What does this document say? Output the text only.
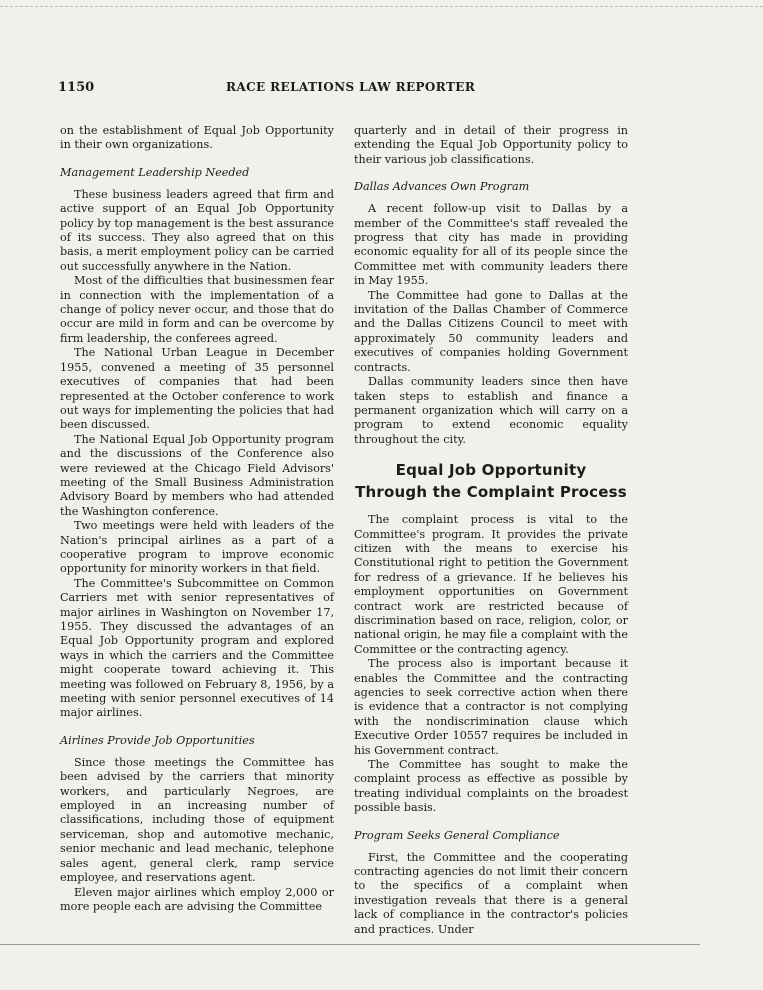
1150	RACE RELATIONS LAW REPORTER

on the establishment of Equal Job Opportunity in their own organizations.

Management Leadership Needed

These business leaders agreed that firm and active support of an Equal Job Opportunity policy by top management is the best assurance of its success. They also agreed that on this basis, a merit employment policy can be carried out successfully anywhere in the Nation.

Most of the difficulties that businessmen fear in connection with the implementation of a change of policy never occur, and those that do occur are mild in form and can be overcome by firm leadership, the conferees agreed.

The National Urban League in December 1955, convened a meeting of 35 personnel executives of companies that had been represented at the October conference to work out ways for implementing the policies that had been discussed.

The National Equal Job Opportunity program and the discussions of the Conference also were reviewed at the Chicago Field Advisors' meeting of the Small Business Administration Advisory Board by members who had attended the Washington conference.

Two meetings were held with leaders of the Nation's principal airlines as a part of a cooperative program to improve economic opportunity for minority workers in that field.

The Committee's Subcommittee on Common Carriers met with senior representatives of major airlines in Washington on November 17, 1955. They discussed the advantages of an Equal Job Opportunity program and explored ways in which the carriers and the Committee might cooperate toward achieving it. This meeting was followed on February 8, 1956, by a meeting with senior personnel executives of 14 major airlines.

Airlines Provide Job Opportunities

Since those meetings the Committee has been advised by the carriers that minority workers, and particularly Negroes, are employed in an increasing number of classifications, including those of equipment serviceman, shop and automotive mechanic, senior mechanic and lead mechanic, telephone sales agent, general clerk, ramp service employee, and reservations agent.

Eleven major airlines which employ 2,000 or more people each are advising the Committee

quarterly and in detail of their progress in extending the Equal Job Opportunity policy to their various job classifications.

Dallas Advances Own Program

A recent follow-up visit to Dallas by a member of the Committee's staff revealed the progress that city has made in providing economic equality for all of its people since the Committee met with community leaders there in May 1955.

The Committee had gone to Dallas at the invitation of the Dallas Chamber of Commerce and the Dallas Citizens Council to meet with approximately 50 community leaders and executives of companies holding Government contracts.

Dallas community leaders since then have taken steps to establish and finance a permanent organization which will carry on a program to extend economic equality throughout the city.

Equal Job Opportunity
Through the Complaint Process

The complaint process is vital to the Committee's program. It provides the private citizen with the means to exercise his Constitutional right to petition the Government for redress of a grievance. If he believes his employment opportunities on Government contract work are restricted because of discrimination based on race, religion, color, or national origin, he may file a complaint with the Committee or the contracting agency.

The process also is important because it enables the Committee and the contracting agencies to seek corrective action when there is evidence that a contractor is not complying with the nondiscrimination clause which Executive Order 10557 requires be included in his Government contract.

The Committee has sought to make the complaint process as effective as possible by treating individual complaints on the broadest possible basis.

Program Seeks General Compliance

First, the Committee and the cooperating contracting agencies do not limit their concern to the specifics of a complaint when investigation reveals that there is a general lack of compliance in the contractor's policies and practices. Under
